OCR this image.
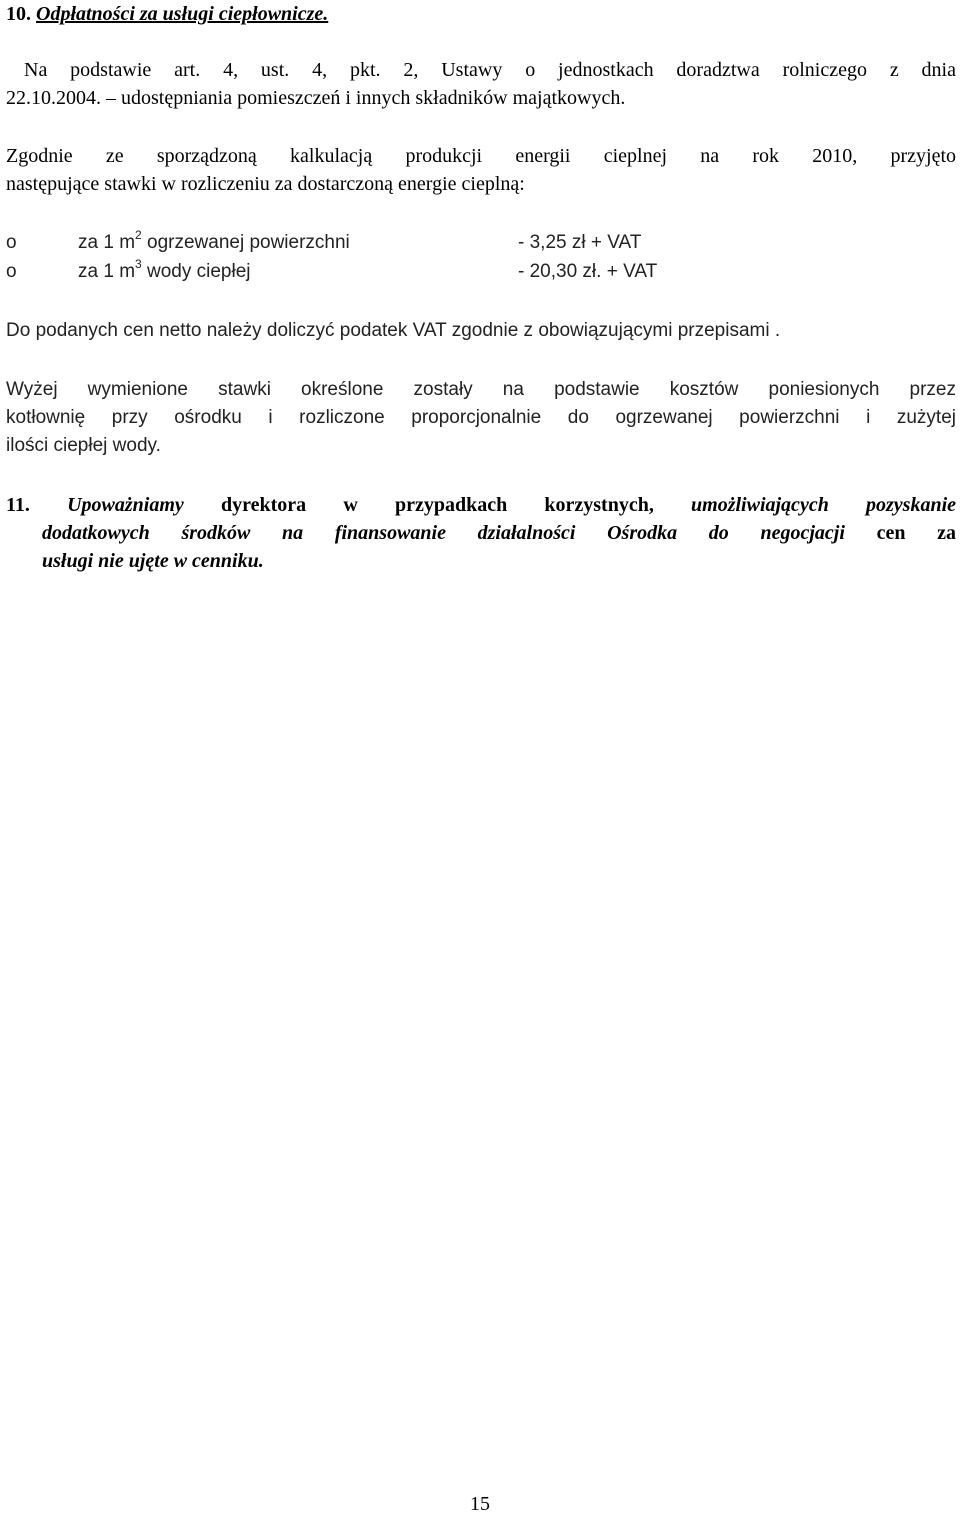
10. Odpłatności za usługi ciepłownicze.
Na podstawie art. 4, ust. 4, pkt. 2, Ustawy o jednostkach doradztwa rolniczego z dnia
22.10.2004. – udostępniania pomieszczeń i innych składników majątkowych.
Zgodnie ze sporządzoną kalkulacją produkcji energii cieplnej na rok 2010, przyjęto
następujące stawki w rozliczeniu za dostarczoną energie cieplną:
o	za 1 $m^2$ ogrzewanej powierzchni	- 3,25 zł + VAT
o	za 1 $m^3$ wody ciepłej	- 20,30 zł. + VAT
Do podanych cen netto należy doliczyć podatek VAT zgodnie z obowiązującymi przepisami .
Wyżej wymienione stawki określone zostały na podstawie kosztów poniesionych przez
kotłownię przy ośrodku i rozliczone proporcjonalnie do ogrzewanej powierzchni i zużytej
ilości ciepłej wody.
11. Upoważniamy dyrektora w przypadkach korzystnych, umożliwiających pozyskanie
dodatkowych środków na finansowanie działalności Ośrodka do negocjacji cen za
usługi nie ujęte w cenniku.
15
